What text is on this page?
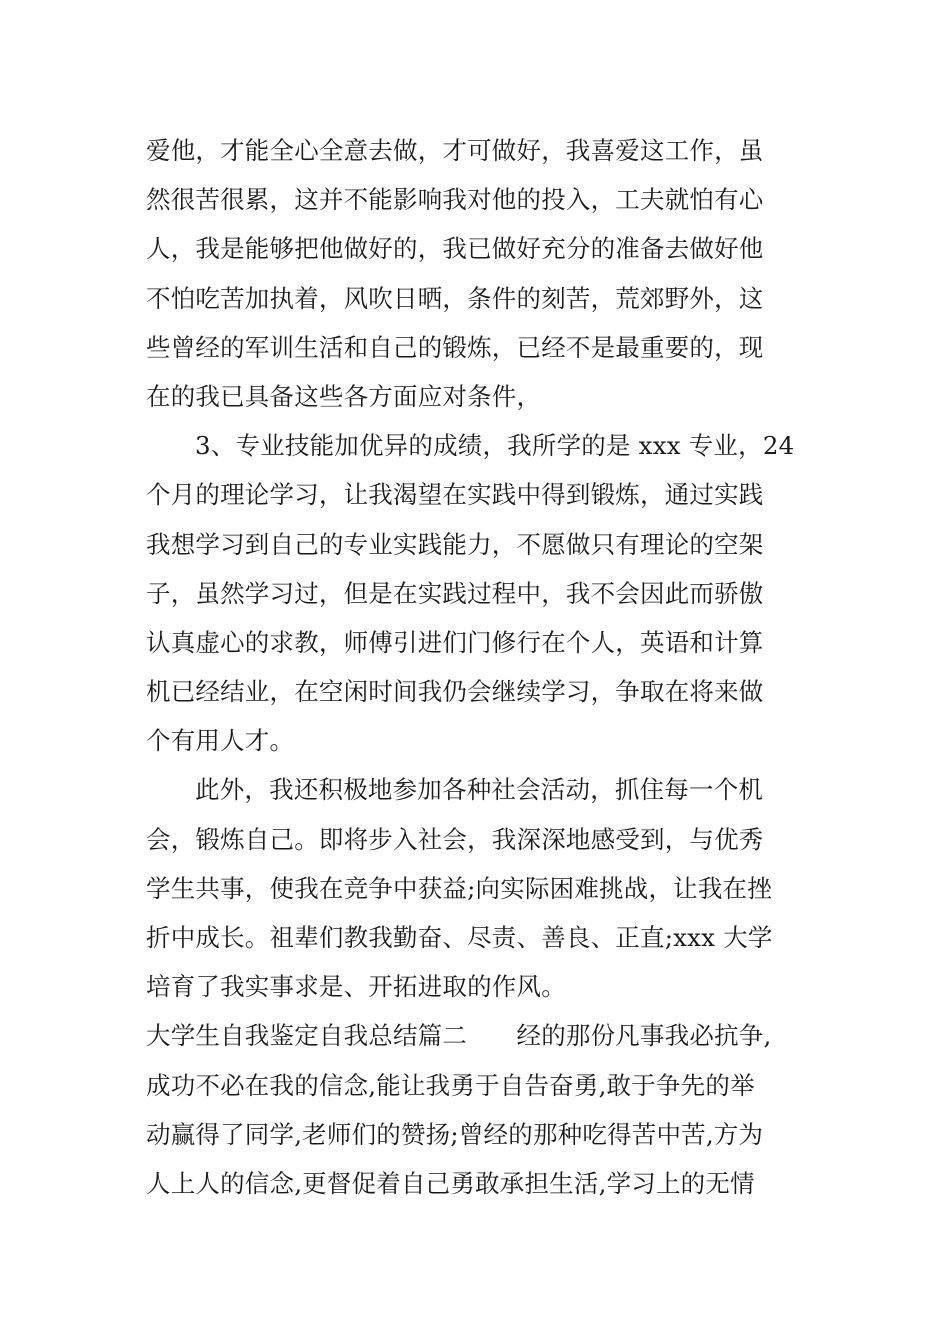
爱他，才能全心全意去做，才可做好，我喜爱这工作，虽
然很苦很累，这并不能影响我对他的投入，工夫就怕有心
人，我是能够把他做好的，我已做好充分的准备去做好他
不怕吃苦加执着，风吹日晒，条件的刻苦，荒郊野外，这
些曾经的军训生活和自己的锻炼，已经不是最重要的，现
在的我已具备这些各方面应对条件，
3、专业技能加优异的成绩，我所学的是 xxx 专业，24
个月的理论学习，让我渴望在实践中得到锻炼，通过实践
我想学习到自己的专业实践能力，不愿做只有理论的空架
子，虽然学习过，但是在实践过程中，我不会因此而骄傲
认真虚心的求教，师傅引进们门修行在个人，英语和计算
机已经结业，在空闲时间我仍会继续学习，争取在将来做
个有用人才。
此外，我还积极地参加各种社会活动，抓住每一个机
会，锻炼自己。即将步入社会，我深深地感受到，与优秀
学生共事，使我在竞争中获益;向实际困难挑战，让我在挫
折中成长。祖辈们教我勤奋、尽责、善良、正直;xxx 大学
培育了我实事求是、开拓进取的作风。
大学生自我鉴定自我总结篇二　　经的那份凡事我必抗争,
成功不必在我的信念,能让我勇于自告奋勇,敢于争先的举
动赢得了同学,老师们的赞扬;曾经的那种吃得苦中苦,方为
人上人的信念,更督促着自己勇敢承担生活,学习上的无情
